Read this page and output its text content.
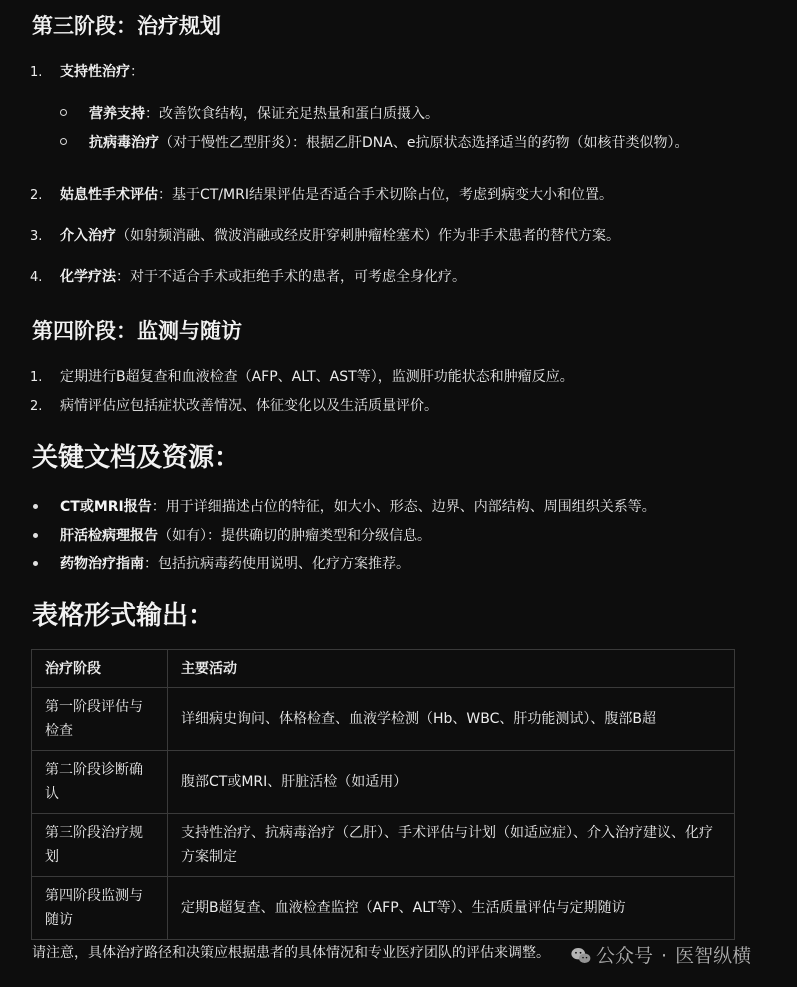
第三阶段：治疗规划
1. 支持性治疗：
营养支持：改善饮食结构，保证充足热量和蛋白质摄入。
抗病毒治疗（对于慢性乙型肝炎）：根据乙肝DNA、e抗原状态选择适当的药物（如核苷类似物）。
2. 姑息性手术评估：基于CT/MRI结果评估是否适合手术切除占位，考虑到病变大小和位置。
3. 介入治疗（如射频消融、微波消融或经皮肝穿刺肿瘤栓塞术）作为非手术患者的替代方案。
4. 化学疗法：对于不适合手术或拒绝手术的患者，可考虑全身化疗。
第四阶段：监测与随访
1. 定期进行B超复查和血液检查（AFP、ALT、AST等），监测肝功能状态和肿瘤反应。
2. 病情评估应包括症状改善情况、体征变化以及生活质量评价。
关键文档及资源：
CT或MRI报告：用于详细描述占位的特征，如大小、形态、边界、内部结构、周围组织关系等。
肝活检病理报告（如有）：提供确切的肿瘤类型和分级信息。
药物治疗指南：包括抗病毒药使用说明、化疗方案推荐。
表格形式输出：
治疗阶段	主要活动
第一阶段评估与检查	详细病史询问、体格检查、血液学检测（Hb、WBC、肝功能测试）、腹部B超
第二阶段诊断确认	腹部CT或MRI、肝脏活检（如适用）
第三阶段治疗规划	支持性治疗、抗病毒治疗（乙肝）、手术评估与计划（如适应症）、介入治疗建议、化疗方案制定
第四阶段监测与随访	定期B超复查、血液检查监控（AFP、ALT等）、生活质量评估与定期随访
请注意，具体治疗路径和决策应根据患者的具体情况和专业医疗团队的评估来调整。 公众号 · 医智纵横
